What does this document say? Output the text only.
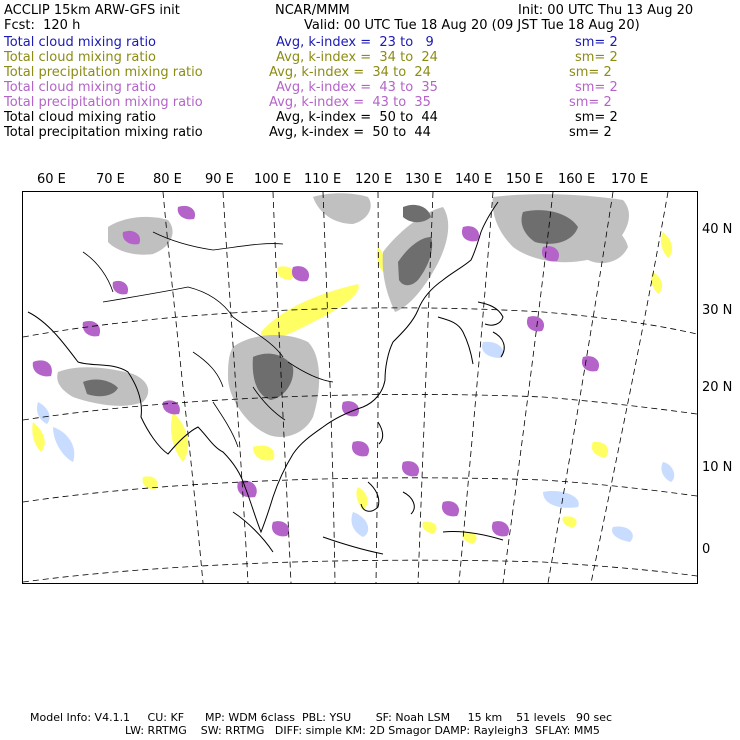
ACCLIP 15km ARW-GFS init	NCAR/MMM	Init: 00 UTC Thu 13 Aug 20
Fcst:  120 h	Valid: 00 UTC Tue 18 Aug 20 (09 JST Tue 18 Aug 20)
Total cloud mixing ratio	Avg, k-index =  23 to   9	sm= 2
Total cloud mixing ratio	Avg, k-index =  34 to  24	sm= 2
Total precipitation mixing ratio	Avg, k-index =  34 to  24	sm= 2
Total cloud mixing ratio	Avg, k-index =  43 to  35	sm= 2
Total precipitation mixing ratio	Avg, k-index =  43 to  35	sm= 2
Total cloud mixing ratio	Avg, k-index =  50 to  44	sm= 2
Total precipitation mixing ratio	Avg, k-index =  50 to  44	sm= 2
60 E 70 E 80 E 90 E 100 E 110 E 120 E 130 E 140 E 150 E 160 E 170 E
40 N
30 N
20 N
10 N
0
Model Info: V4.1.1     CU: KF      MP: WDM 6class  PBL: YSU       SF: Noah LSM     15 km    51 levels   90 sec
LW: RRTMG    SW: RRTMG   DIFF: simple KM: 2D Smagor DAMP: Rayleigh3  SFLAY: MM5
